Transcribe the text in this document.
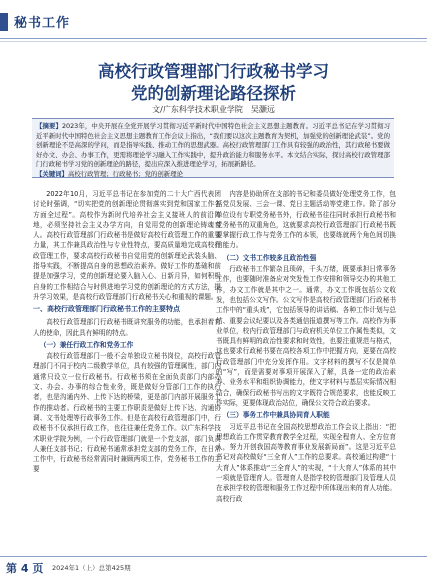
秘书工作
高校行政管理部门行政秘书学习
党的创新理论路径探析
文/广东科学技术职业学院　吴灏远

【摘要】2023年，中央开展在全党开展学习贯彻习近平新时代中国特色社会主义思想主题教育。习近平总书记在学习贯彻习近平新时代中国特色社会主义思想主题教育工作会议上指出，“我们要以这次主题教育为契机，加强党的创新理论武装”。党的创新理论不是高深的学问，而是指导实践、推动工作的思想武器。高校行政管理部门工作具有较强的政治性，其行政秘书要做好办文、办会、办事工作，更需将理论学习融入工作实践中，提升政治能力和服务水平。本文结合实际，探讨高校行政管理部门行政秘书学习党的创新理论的路径，提出应深入推进理论学习，拓展新路径。

【关键词】高校行政管理；行政秘书；党的创新理论

2022年10月，习近平总书记在参加党的二十大广西代表团讨论时强调，“切实把党的创新理论贯彻落实到党和国家工作各方面全过程”。高校作为新时代培养社会主义接班人的前沿阵地，必须坚持社会主义办学方向，自觉用党的创新理论铸魂育人。高校行政管理部门行政秘书是做好高校行政管理工作的重要力量，其工作兼具政治性与专业性特点，要高质量地完成高校行政管理工作，要求高校行政秘书自觉用党的创新理论武装头脑、指导实践，不断提高自身的思想政治素养。做好工作的基础和前提是加强学习，党的创新理论要入脑入心、日新月异，如何积极自身的工作相结合与时俱进地学习党的创新理论的方式方法，提升学习效果，是高校行政管理部门行政秘书关心和重视的课题。

一、高校行政管理部门行政秘书工作的主要特点

高校行政管理部门行政秘书既讲究服务的功能，也承担着育人的使命，因此具有鲜明的特点。

（一）兼任行政工作和党务工作

高校行政管理部门一般不会单独设立秘书岗位，高校行政管理部门不同于校内二级教学单位，具有较强的管理属性，部门内通常只设立一位行政秘书。行政秘书须在全面负责部门内部办文、办会、办事的综合性业务，既是做好分管部门工作的执行者，也是沟通内外、上传下达的桥梁，更是部门内部开展服务工作的推动者。行政秘书的主要工作职责是做好上传下达、沟通协调、文书处理等行政事务工作。但是在高校行政管理部门中，行政秘书不仅承担行政工作，也往往兼任党务工作。以广东科学技术职业学院为例，一个行政管理部门就是一个党支部，部门负责人兼任支部书记；行政秘书通常承担党支部的党务工作，在日常工作中，行政秘书经常需同时兼顾两项工作，党务秘书工作的主要

内容是协助所在支部的书记和委员做好处理党务工作，包括党员发展、三会一课、党日主题活动等党建工作。除了部分单位设有专职党务秘书外，行政秘书往往同时承担行政秘书和党务秘书的双重角色，这就要求高校行政管理部门行政秘书既要掌握行政工作与党务工作的本领，也要练就两个角色间切换的能力。

（二）文书工作较多且政治性强

行政秘书工作繁杂且琐碎，千头万绪，既要承担日常事务工作，也要随时准备应对突发性工作安排和领导交办的其他工作，办文工作就是其中之一。通常，办文工作既包括公文收发，也包括公文写作。公文写作是高校行政管理部门行政秘书工作中的“重头戏”，它包括领导的讲话稿、各种工作计划与总结、重要会议纪要以及各类通信报道撰写等工作。高校作为事业单位，校内行政管理部门与政府机关单位工作属性类似，文书既具有鲜明的政治性要求和时效性，也要注重规范与格式，这也要求行政秘书要在高校各项工作中把握方向，更要在高校行政管理部门中充分发挥作用。文字材料的撰写不仅是简单的“写”，而是需要对事项开展深入了解，具备一定的政治素养、业务水平和组织协调能力，使文字材料与基层实际情况相结合，确保行政秘书写出的文字既符合规范要求，也能反映工作实际，更要体现政治站位，确保公文符合政治要求。

（三）事务工作中兼具协同育人职能

习近平总书记在全国高校思想政治工作会议上指出：“把思想政治工作贯穿教育教学全过程，实现全程育人、全方位育人，努力开创我国高等教育事业发展新局面”。这是习近平总书记对高校做好“三全育人”工作的总要求。高校通过构建“十大育人”体系推动“三全育人”的实现，“十大育人”体系的其中一项就是管理育人。管理育人是指学校的管理部门及管理人员在承担学校的管理和服务工作过程中所体现出来的育人功能。高校行政

第 4 页 2024年1（上）总第425期
